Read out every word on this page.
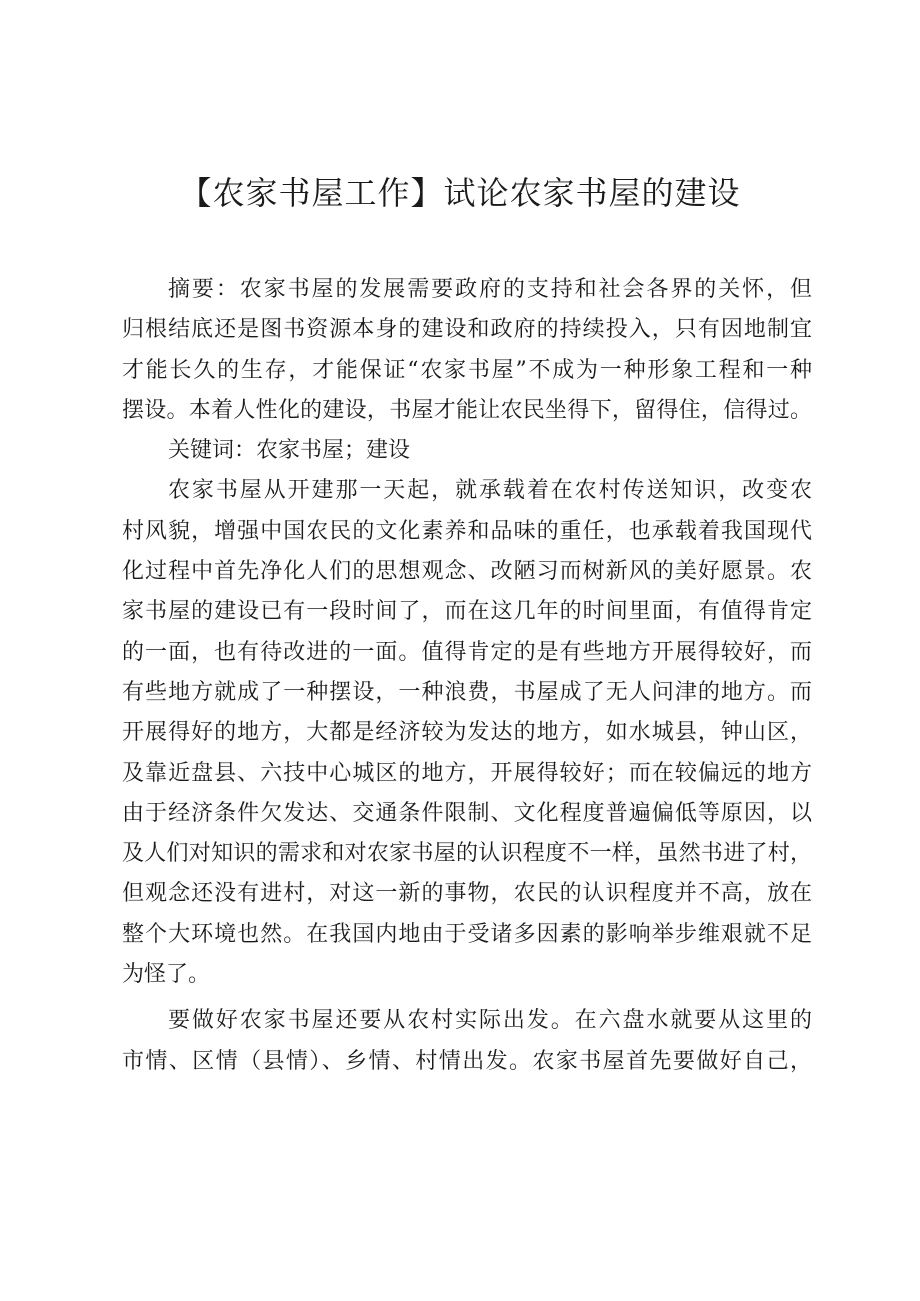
【农家书屋工作】试论农家书屋的建设
摘要：农家书屋的发展需要政府的支持和社会各界的关怀，但
归根结底还是图书资源本身的建设和政府的持续投入，只有因地制宜
才能长久的生存，才能保证“农家书屋”不成为一种形象工程和一种
摆设。本着人性化的建设，书屋才能让农民坐得下，留得住，信得过。
关键词：农家书屋；建设
农家书屋从开建那一天起，就承载着在农村传送知识，改变农
村风貌，增强中国农民的文化素养和品味的重任，也承载着我国现代
化过程中首先净化人们的思想观念、改陋习而树新风的美好愿景。农
家书屋的建设已有一段时间了，而在这几年的时间里面，有值得肯定
的一面，也有待改进的一面。值得肯定的是有些地方开展得较好，而
有些地方就成了一种摆设，一种浪费，书屋成了无人问津的地方。而
开展得好的地方，大都是经济较为发达的地方，如水城县，钟山区，
及靠近盘县、六技中心城区的地方，开展得较好；而在较偏远的地方
由于经济条件欠发达、交通条件限制、文化程度普遍偏低等原因，以
及人们对知识的需求和对农家书屋的认识程度不一样，虽然书进了村，
但观念还没有进村，对这一新的事物，农民的认识程度并不高，放在
整个大环境也然。在我国内地由于受诸多因素的影响举步维艰就不足
为怪了。
要做好农家书屋还要从农村实际出发。在六盘水就要从这里的
市情、区情（县情）、乡情、村情出发。农家书屋首先要做好自己，
